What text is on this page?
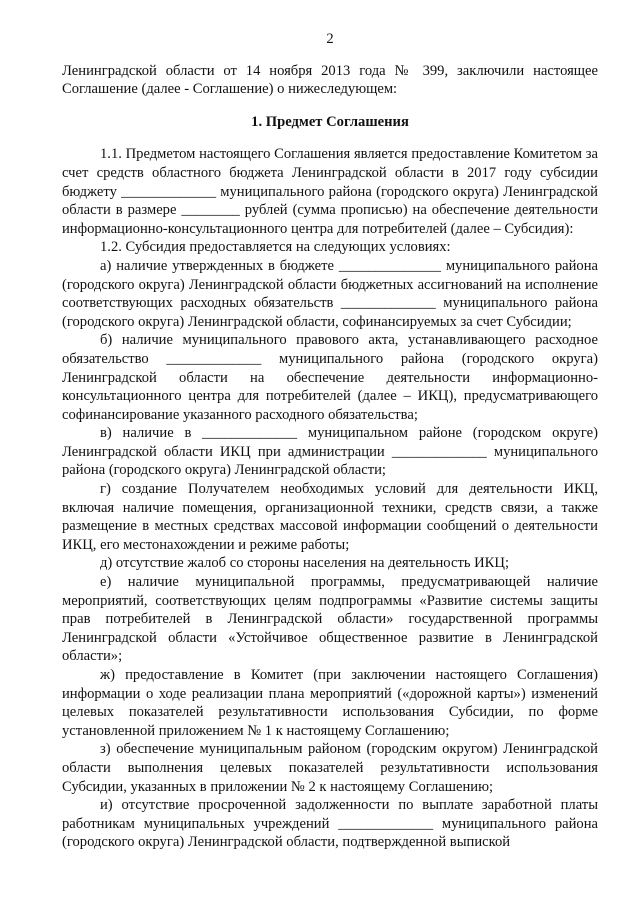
2

Ленинградской области от 14 ноября 2013 года № 399, заключили настоящее Соглашение (далее - Соглашение) о нижеследующем:

1. Предмет Соглашения

1.1. Предметом настоящего Соглашения является предоставление Комитетом за счет средств областного бюджета Ленинградской области в 2017 году субсидии бюджету _____________ муниципального района (городского округа) Ленинградской области в размере ________ рублей (сумма прописью) на обеспечение деятельности информационно-консультационного центра для потребителей (далее – Субсидия):

1.2. Субсидия предоставляется на следующих условиях:

а) наличие утвержденных в бюджете ______________ муниципального района (городского округа) Ленинградской области бюджетных ассигнований на исполнение соответствующих расходных обязательств _____________ муниципального района (городского округа) Ленинградской области, софинансируемых за счет Субсидии;

б) наличие муниципального правового акта, устанавливающего расходное обязательство _____________ муниципального района (городского округа) Ленинградской области на обеспечение деятельности информационно-консультационного центра для потребителей (далее – ИКЦ), предусматривающего софинансирование указанного расходного обязательства;

в) наличие в _____________ муниципальном районе (городском округе) Ленинградской области ИКЦ при администрации _____________ муниципального района (городского округа) Ленинградской области;

г) создание Получателем необходимых условий для деятельности ИКЦ, включая наличие помещения, организационной техники, средств связи, а также размещение в местных средствах массовой информации сообщений о деятельности ИКЦ, его местонахождении и режиме работы;

д) отсутствие жалоб со стороны населения на деятельность ИКЦ;

е) наличие муниципальной программы, предусматривающей наличие мероприятий, соответствующих целям подпрограммы «Развитие системы защиты прав потребителей в Ленинградской области» государственной программы Ленинградской области «Устойчивое общественное развитие в Ленинградской области»;

ж) предоставление в Комитет (при заключении настоящего Соглашения) информации о ходе реализации плана мероприятий («дорожной карты») изменений целевых показателей результативности использования Субсидии, по форме установленной приложением № 1 к настоящему Соглашению;

з) обеспечение муниципальным районом (городским округом) Ленинградской области выполнения целевых показателей результативности использования Субсидии, указанных в приложении № 2 к настоящему Соглашению;

и) отсутствие просроченной задолженности по выплате заработной платы работникам муниципальных учреждений _____________ муниципального района (городского округа) Ленинградской области, подтвержденной выпиской
